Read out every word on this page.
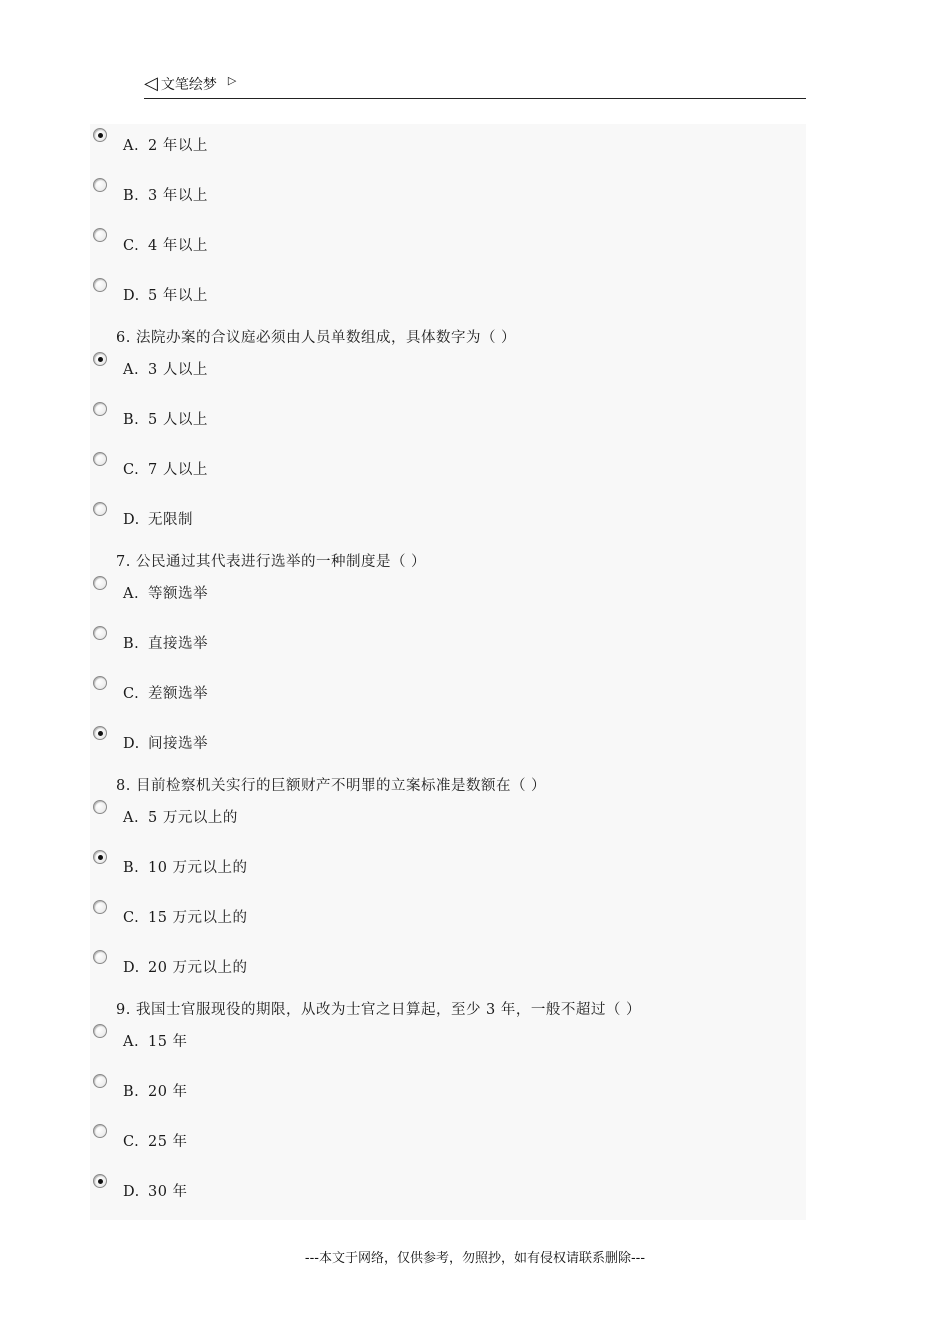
◁ 文笔绘梦 ▷
A. 2 年以上
B. 3 年以上
C. 4 年以上
D. 5 年以上
6. 法院办案的合议庭必须由人员单数组成，具体数字为（ ）
A. 3 人以上
B. 5 人以上
C. 7 人以上
D. 无限制
7. 公民通过其代表进行选举的一种制度是（ ）
A. 等额选举
B. 直接选举
C. 差额选举
D. 间接选举
8. 目前检察机关实行的巨额财产不明罪的立案标准是数额在（ ）
A. 5 万元以上的
B. 10 万元以上的
C. 15 万元以上的
D. 20 万元以上的
9. 我国士官服现役的期限，从改为士官之日算起，至少 3 年，一般不超过（ ）
A. 15 年
B. 20 年
C. 25 年
D. 30 年
---本文于网络，仅供参考，勿照抄，如有侵权请联系删除---
